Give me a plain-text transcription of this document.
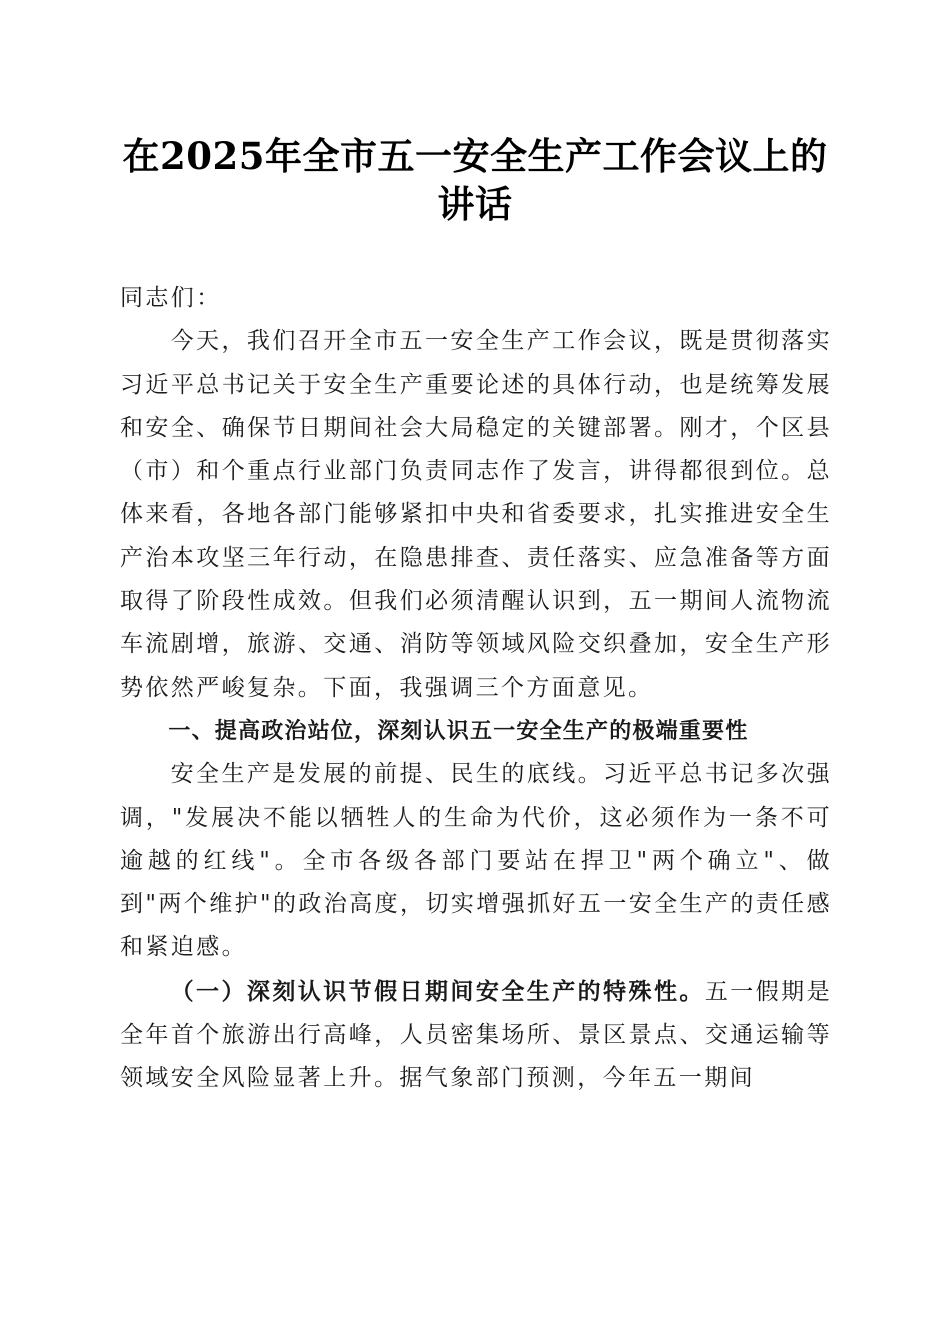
在2025年全市五一安全生产工作会议上的讲话

同志们：

今天，我们召开全市五一安全生产工作会议，既是贯彻落实习近平总书记关于安全生产重要论述的具体行动，也是统筹发展和安全、确保节日期间社会大局稳定的关键部署。刚才，个区县（市）和个重点行业部门负责同志作了发言，讲得都很到位。总体来看，各地各部门能够紧扣中央和省委要求，扎实推进安全生产治本攻坚三年行动，在隐患排查、责任落实、应急准备等方面取得了阶段性成效。但我们必须清醒认识到，五一期间人流物流车流剧增，旅游、交通、消防等领域风险交织叠加，安全生产形势依然严峻复杂。下面，我强调三个方面意见。

一、提高政治站位，深刻认识五一安全生产的极端重要性

安全生产是发展的前提、民生的底线。习近平总书记多次强调，"发展决不能以牺牲人的生命为代价，这必须作为一条不可逾越的红线"。全市各级各部门要站在捍卫"两个确立"、做到"两个维护"的政治高度，切实增强抓好五一安全生产的责任感和紧迫感。

（一）深刻认识节假日期间安全生产的特殊性。五一假期是全年首个旅游出行高峰，人员密集场所、景区景点、交通运输等领域安全风险显著上升。据气象部门预测，今年五一期间
